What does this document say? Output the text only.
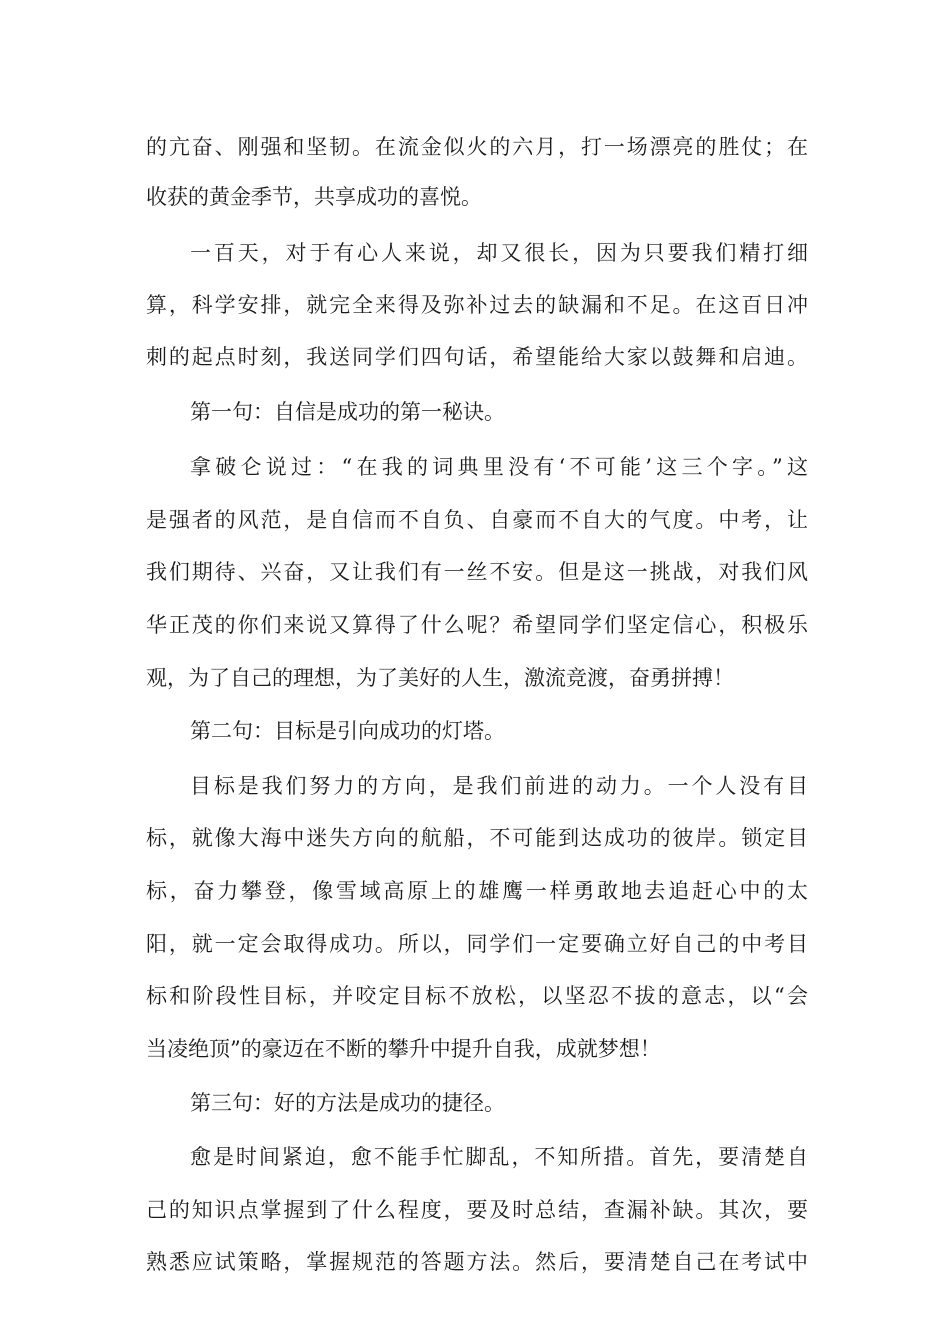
的亢奋、刚强和坚韧。在流金似火的六月，打一场漂亮的胜仗；在
收获的黄金季节，共享成功的喜悦。
一百天，对于有心人来说，却又很长，因为只要我们精打细
算，科学安排，就完全来得及弥补过去的缺漏和不足。在这百日冲
刺的起点时刻，我送同学们四句话，希望能给大家以鼓舞和启迪。
第一句：自信是成功的第一秘诀。
拿破仑说过：“在我的词典里没有‘不可能’这三个字。”这
是强者的风范，是自信而不自负、自豪而不自大的气度。中考，让
我们期待、兴奋，又让我们有一丝不安。但是这一挑战，对我们风
华正茂的你们来说又算得了什么呢？希望同学们坚定信心，积极乐
观，为了自己的理想，为了美好的人生，激流竞渡，奋勇拼搏！
第二句：目标是引向成功的灯塔。
目标是我们努力的方向，是我们前进的动力。一个人没有目
标，就像大海中迷失方向的航船，不可能到达成功的彼岸。锁定目
标，奋力攀登，像雪域高原上的雄鹰一样勇敢地去追赶心中的太
阳，就一定会取得成功。所以，同学们一定要确立好自己的中考目
标和阶段性目标，并咬定目标不放松，以坚忍不拔的意志，以“会
当凌绝顶”的豪迈在不断的攀升中提升自我，成就梦想！
第三句：好的方法是成功的捷径。
愈是时间紧迫，愈不能手忙脚乱，不知所措。首先，要清楚自
己的知识点掌握到了什么程度，要及时总结，查漏补缺。其次，要
熟悉应试策略，掌握规范的答题方法。然后，要清楚自己在考试中
